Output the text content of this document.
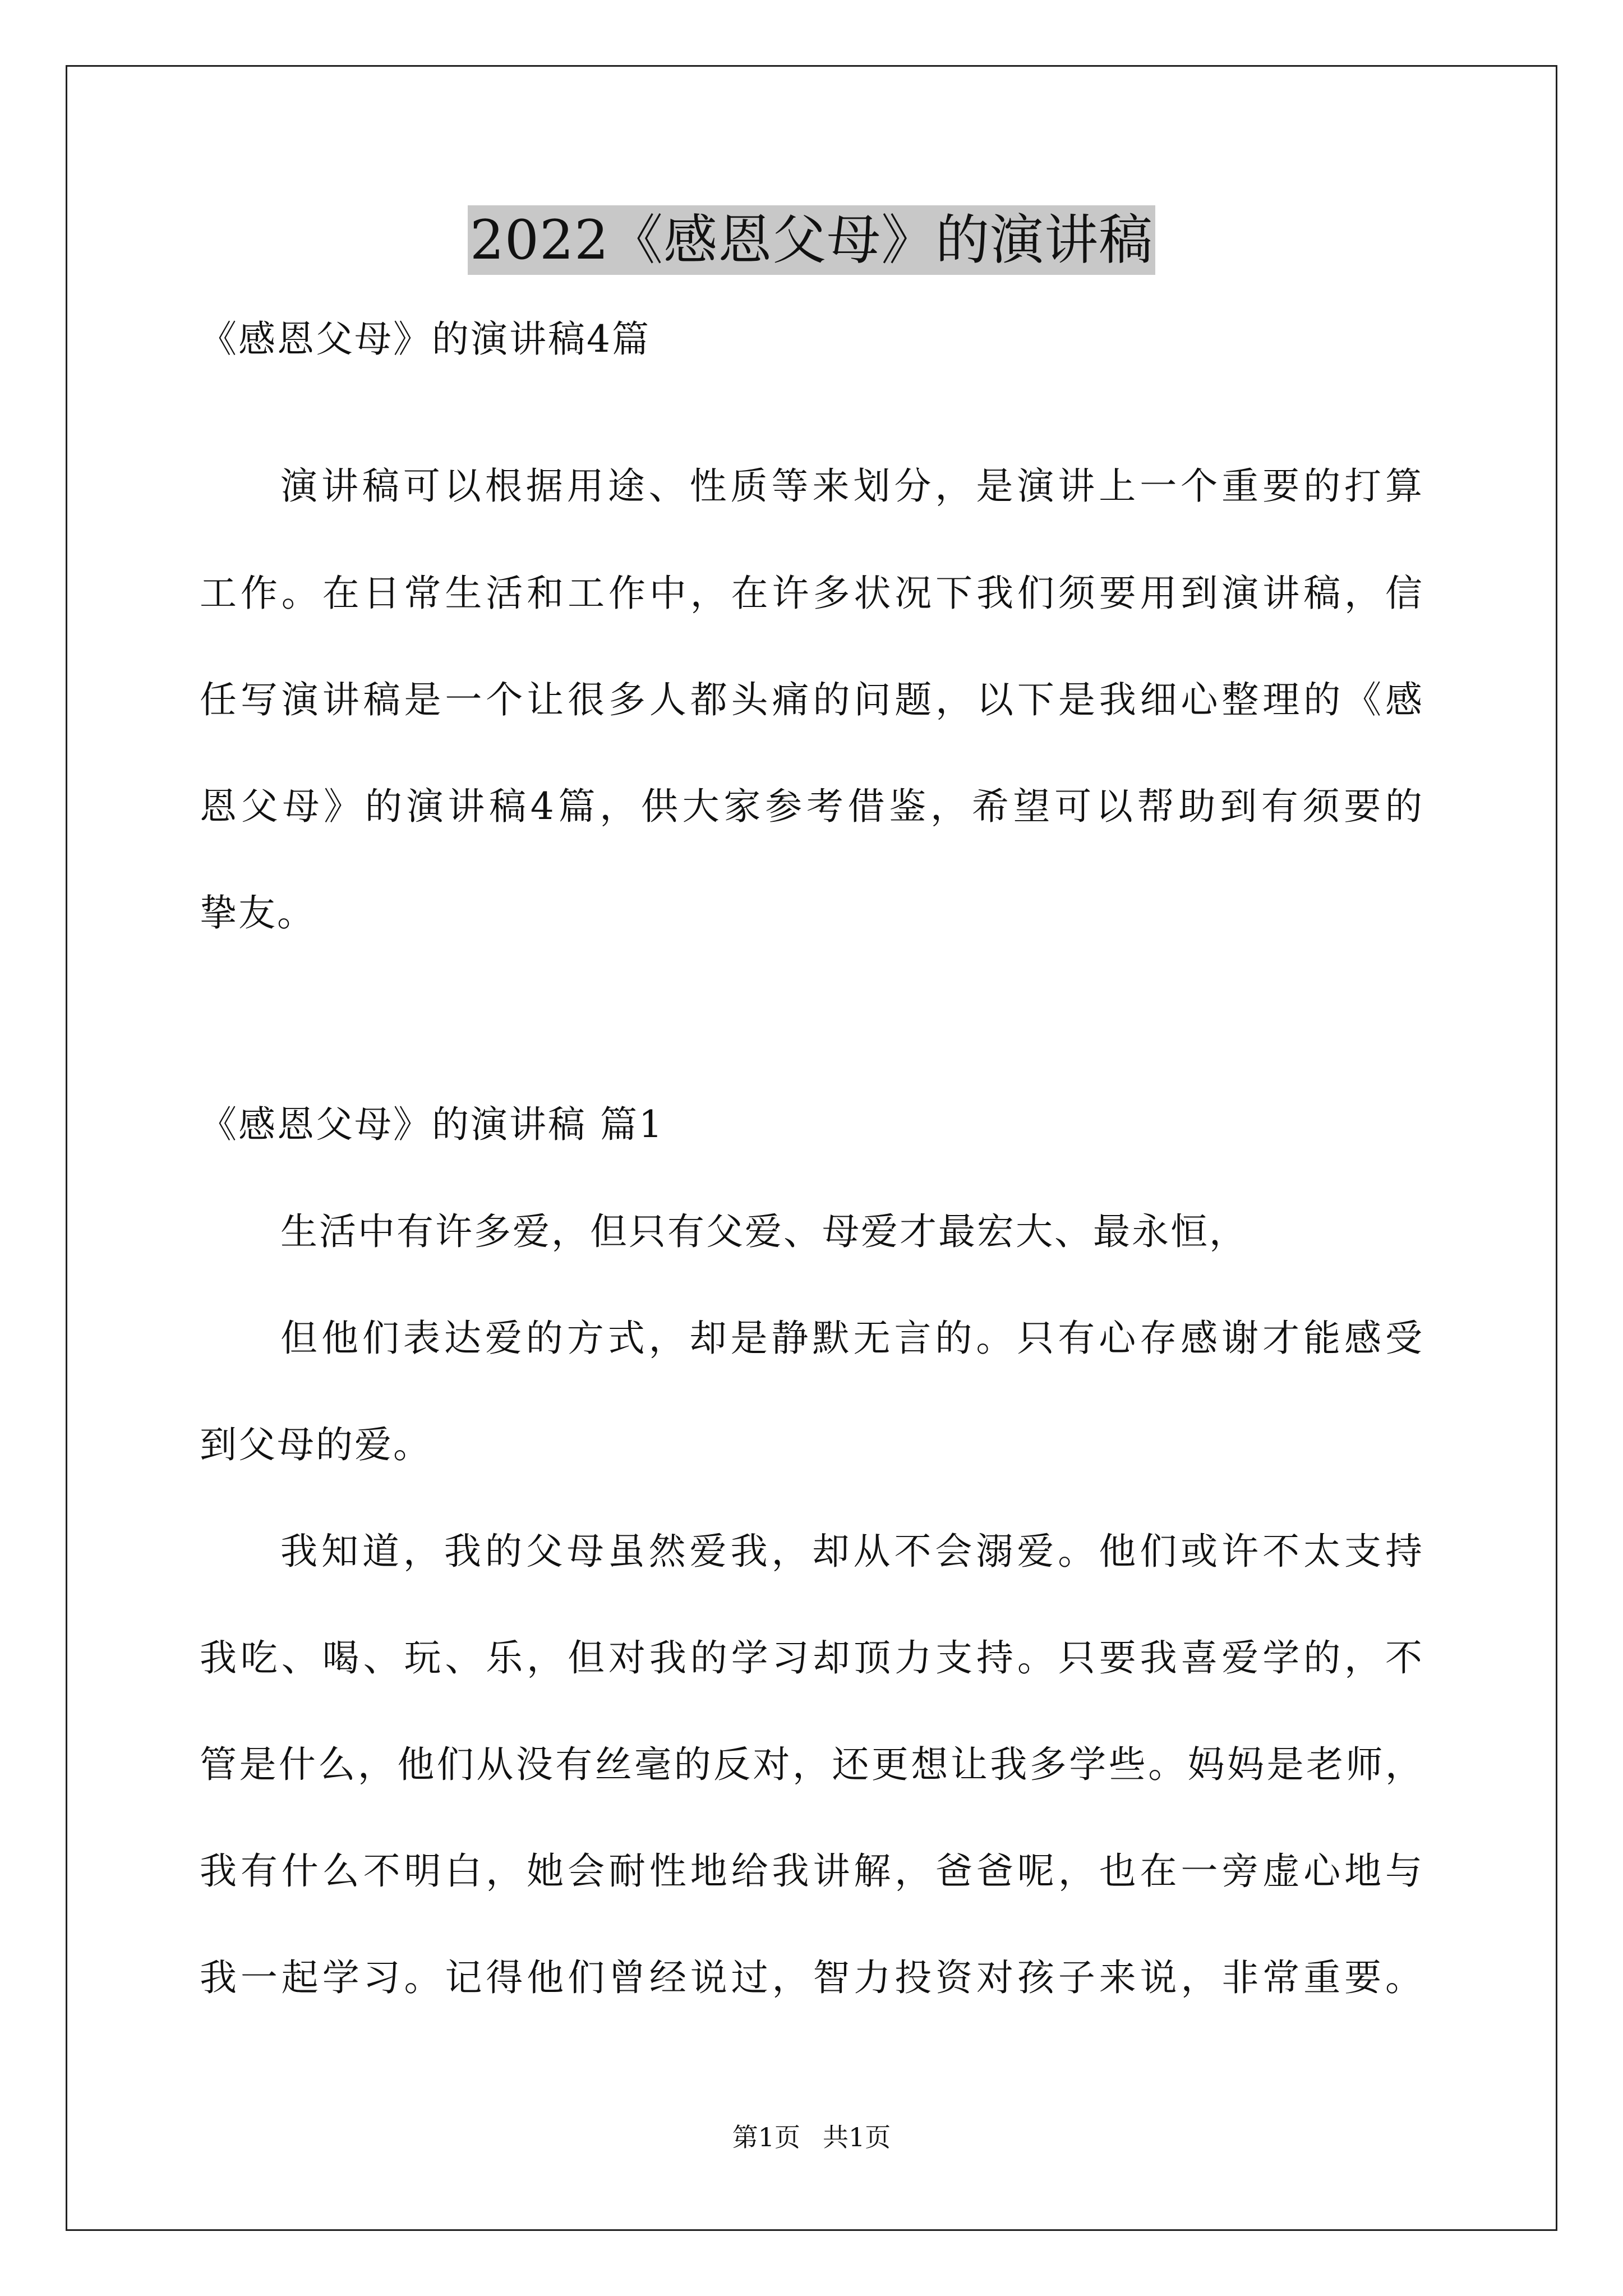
2022《感恩父母》的演讲稿
《感恩父母》的演讲稿4篇
演讲稿可以根据用途、性质等来划分，是演讲上一个重要的打算
工作。在日常生活和工作中，在许多状况下我们须要用到演讲稿，信
任写演讲稿是一个让很多人都头痛的问题，以下是我细心整理的《感
恩父母》的演讲稿4篇，供大家参考借鉴，希望可以帮助到有须要的
挚友。
《感恩父母》的演讲稿 篇1
生活中有许多爱，但只有父爱、母爱才最宏大、最永恒，
但他们表达爱的方式，却是静默无言的。只有心存感谢才能感受
到父母的爱。
我知道，我的父母虽然爱我，却从不会溺爱。他们或许不太支持
我吃、喝、玩、乐，但对我的学习却顶力支持。只要我喜爱学的，不
管是什么，他们从没有丝毫的反对，还更想让我多学些。妈妈是老师，
我有什么不明白，她会耐性地给我讲解，爸爸呢，也在一旁虚心地与
我一起学习。记得他们曾经说过，智力投资对孩子来说，非常重要。
第1页 共1页
